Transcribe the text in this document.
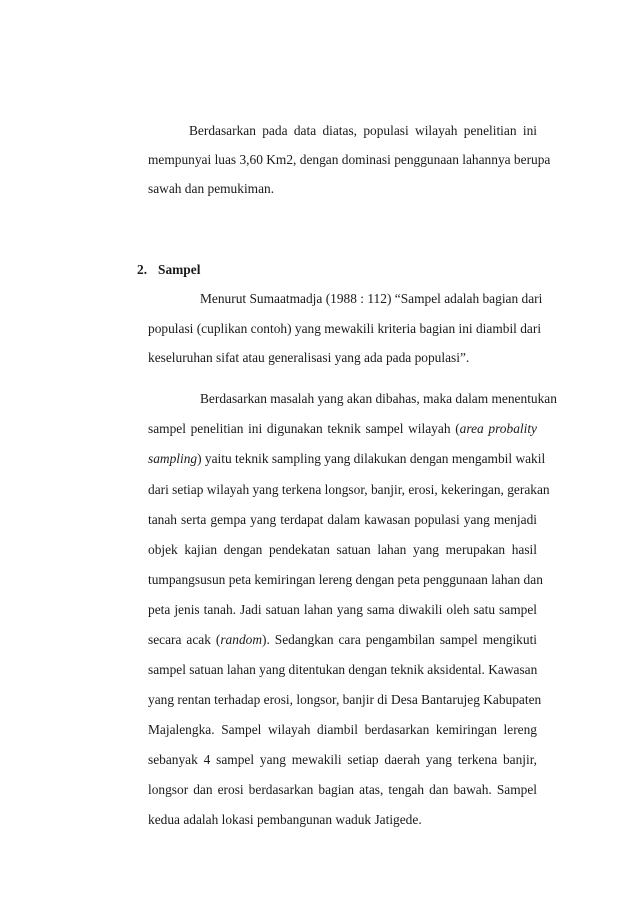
Berdasarkan pada data diatas, populasi wilayah penelitian ini
mempunyai luas 3,60 Km2, dengan dominasi penggunaan lahannya berupa
sawah dan pemukiman.
2. Sampel
Menurut Sumaatmadja (1988 : 112) “Sampel adalah bagian dari
populasi (cuplikan contoh) yang mewakili kriteria bagian ini diambil dari
keseluruhan sifat atau generalisasi yang ada pada populasi”.
Berdasarkan masalah yang akan dibahas, maka dalam menentukan
sampel penelitian ini digunakan teknik sampel wilayah (area probality
sampling) yaitu teknik sampling yang dilakukan dengan mengambil wakil
dari setiap wilayah yang terkena longsor, banjir, erosi, kekeringan, gerakan
tanah serta gempa yang terdapat dalam kawasan populasi yang menjadi
objek kajian dengan pendekatan satuan lahan yang merupakan hasil
tumpangsusun peta kemiringan lereng dengan peta penggunaan lahan dan
peta jenis tanah. Jadi satuan lahan yang sama diwakili oleh satu sampel
secara acak (random). Sedangkan cara pengambilan sampel mengikuti
sampel satuan lahan yang ditentukan dengan teknik aksidental. Kawasan
yang rentan terhadap erosi, longsor, banjir di Desa Bantarujeg Kabupaten
Majalengka. Sampel wilayah diambil berdasarkan kemiringan lereng
sebanyak 4 sampel yang mewakili setiap daerah yang terkena banjir,
longsor dan erosi berdasarkan bagian atas, tengah dan bawah. Sampel
kedua adalah lokasi pembangunan waduk Jatigede.
